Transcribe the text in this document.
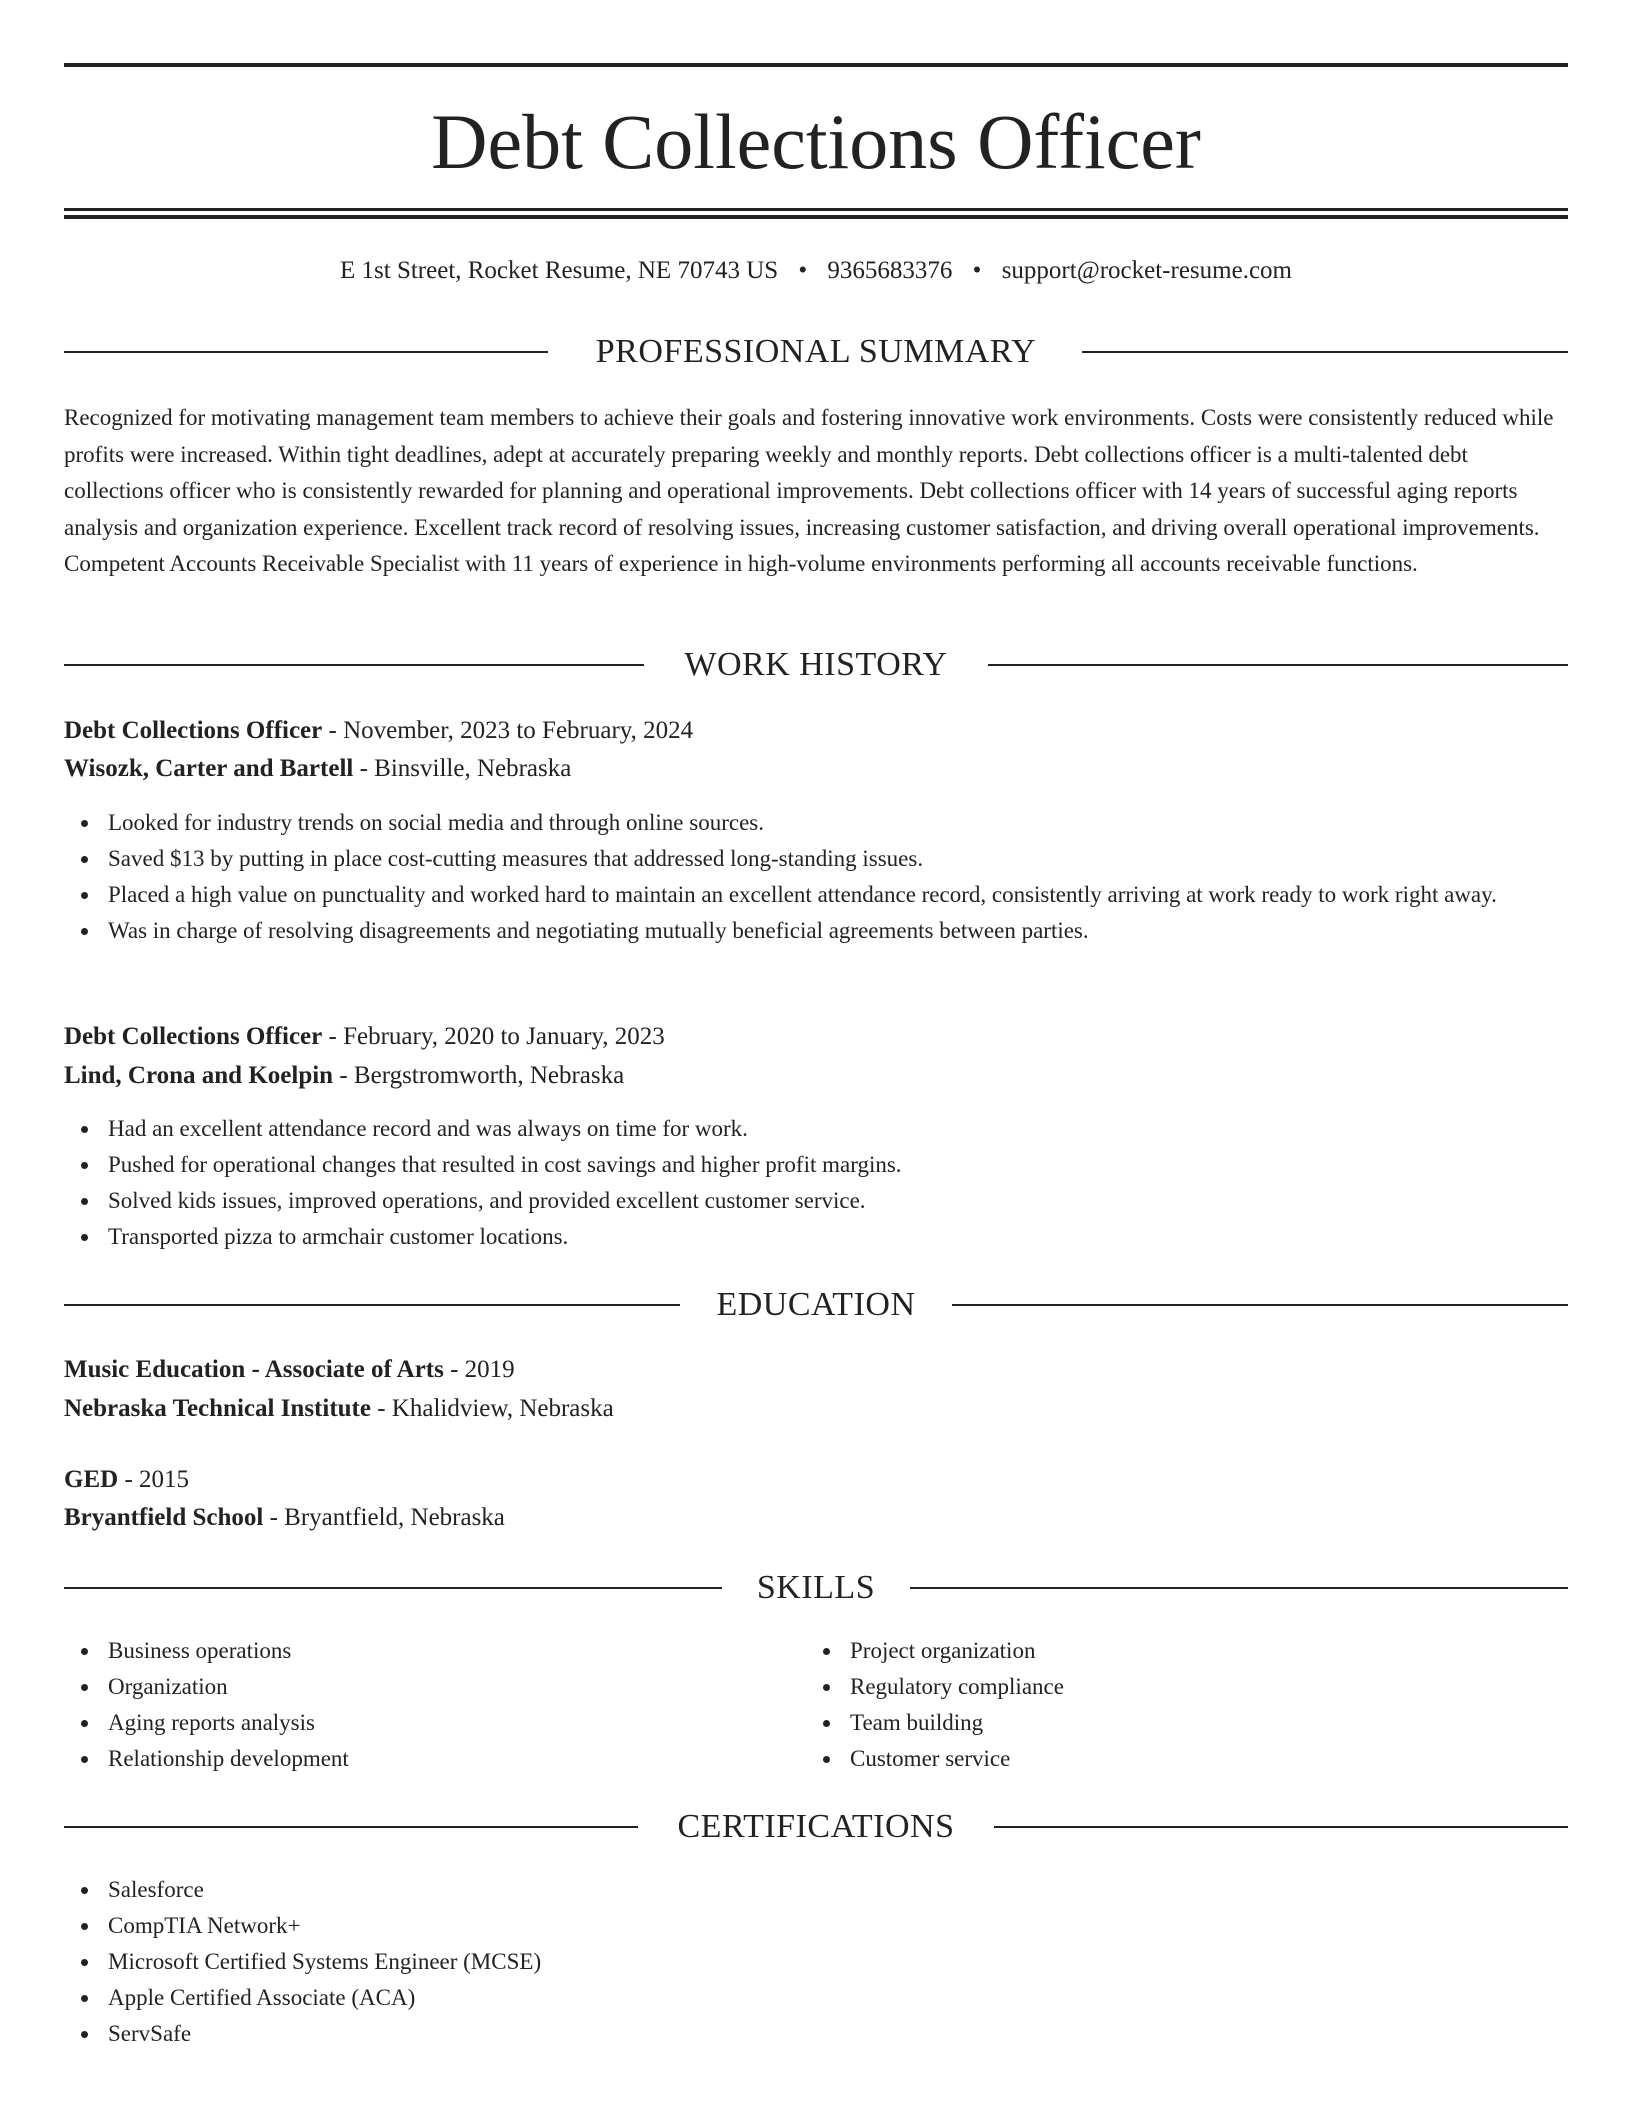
Debt Collections Officer
E 1st Street, Rocket Resume, NE 70743 US • 9365683376 • support@rocket-resume.com
PROFESSIONAL SUMMARY

Recognized for motivating management team members to achieve their goals and fostering innovative work environments. Costs were consistently reduced while profits were increased. Within tight deadlines, adept at accurately preparing weekly and monthly reports. Debt collections officer is a multi-talented debt collections officer who is consistently rewarded for planning and operational improvements. Debt collections officer with 14 years of successful aging reports analysis and organization experience. Excellent track record of resolving issues, increasing customer satisfaction, and driving overall operational improvements. Competent Accounts Receivable Specialist with 11 years of experience in high-volume environments performing all accounts receivable functions.

WORK HISTORY
Debt Collections Officer - November, 2023 to February, 2024
Wisozk, Carter and Bartell - Binsville, Nebraska
Looked for industry trends on social media and through online sources.
Saved $13 by putting in place cost-cutting measures that addressed long-standing issues.
Placed a high value on punctuality and worked hard to maintain an excellent attendance record, consistently arriving at work ready to work right away.
Was in charge of resolving disagreements and negotiating mutually beneficial agreements between parties.
Debt Collections Officer - February, 2020 to January, 2023
Lind, Crona and Koelpin - Bergstromworth, Nebraska
Had an excellent attendance record and was always on time for work.
Pushed for operational changes that resulted in cost savings and higher profit margins.
Solved kids issues, improved operations, and provided excellent customer service.
Transported pizza to armchair customer locations.
EDUCATION
Music Education - Associate of Arts - 2019
Nebraska Technical Institute - Khalidview, Nebraska
GED - 2015
Bryantfield School - Bryantfield, Nebraska
SKILLS
Business operations
Organization
Aging reports analysis
Relationship development
Project organization
Regulatory compliance
Team building
Customer service
CERTIFICATIONS
Salesforce
CompTIA Network+
Microsoft Certified Systems Engineer (MCSE)
Apple Certified Associate (ACA)
ServSafe
